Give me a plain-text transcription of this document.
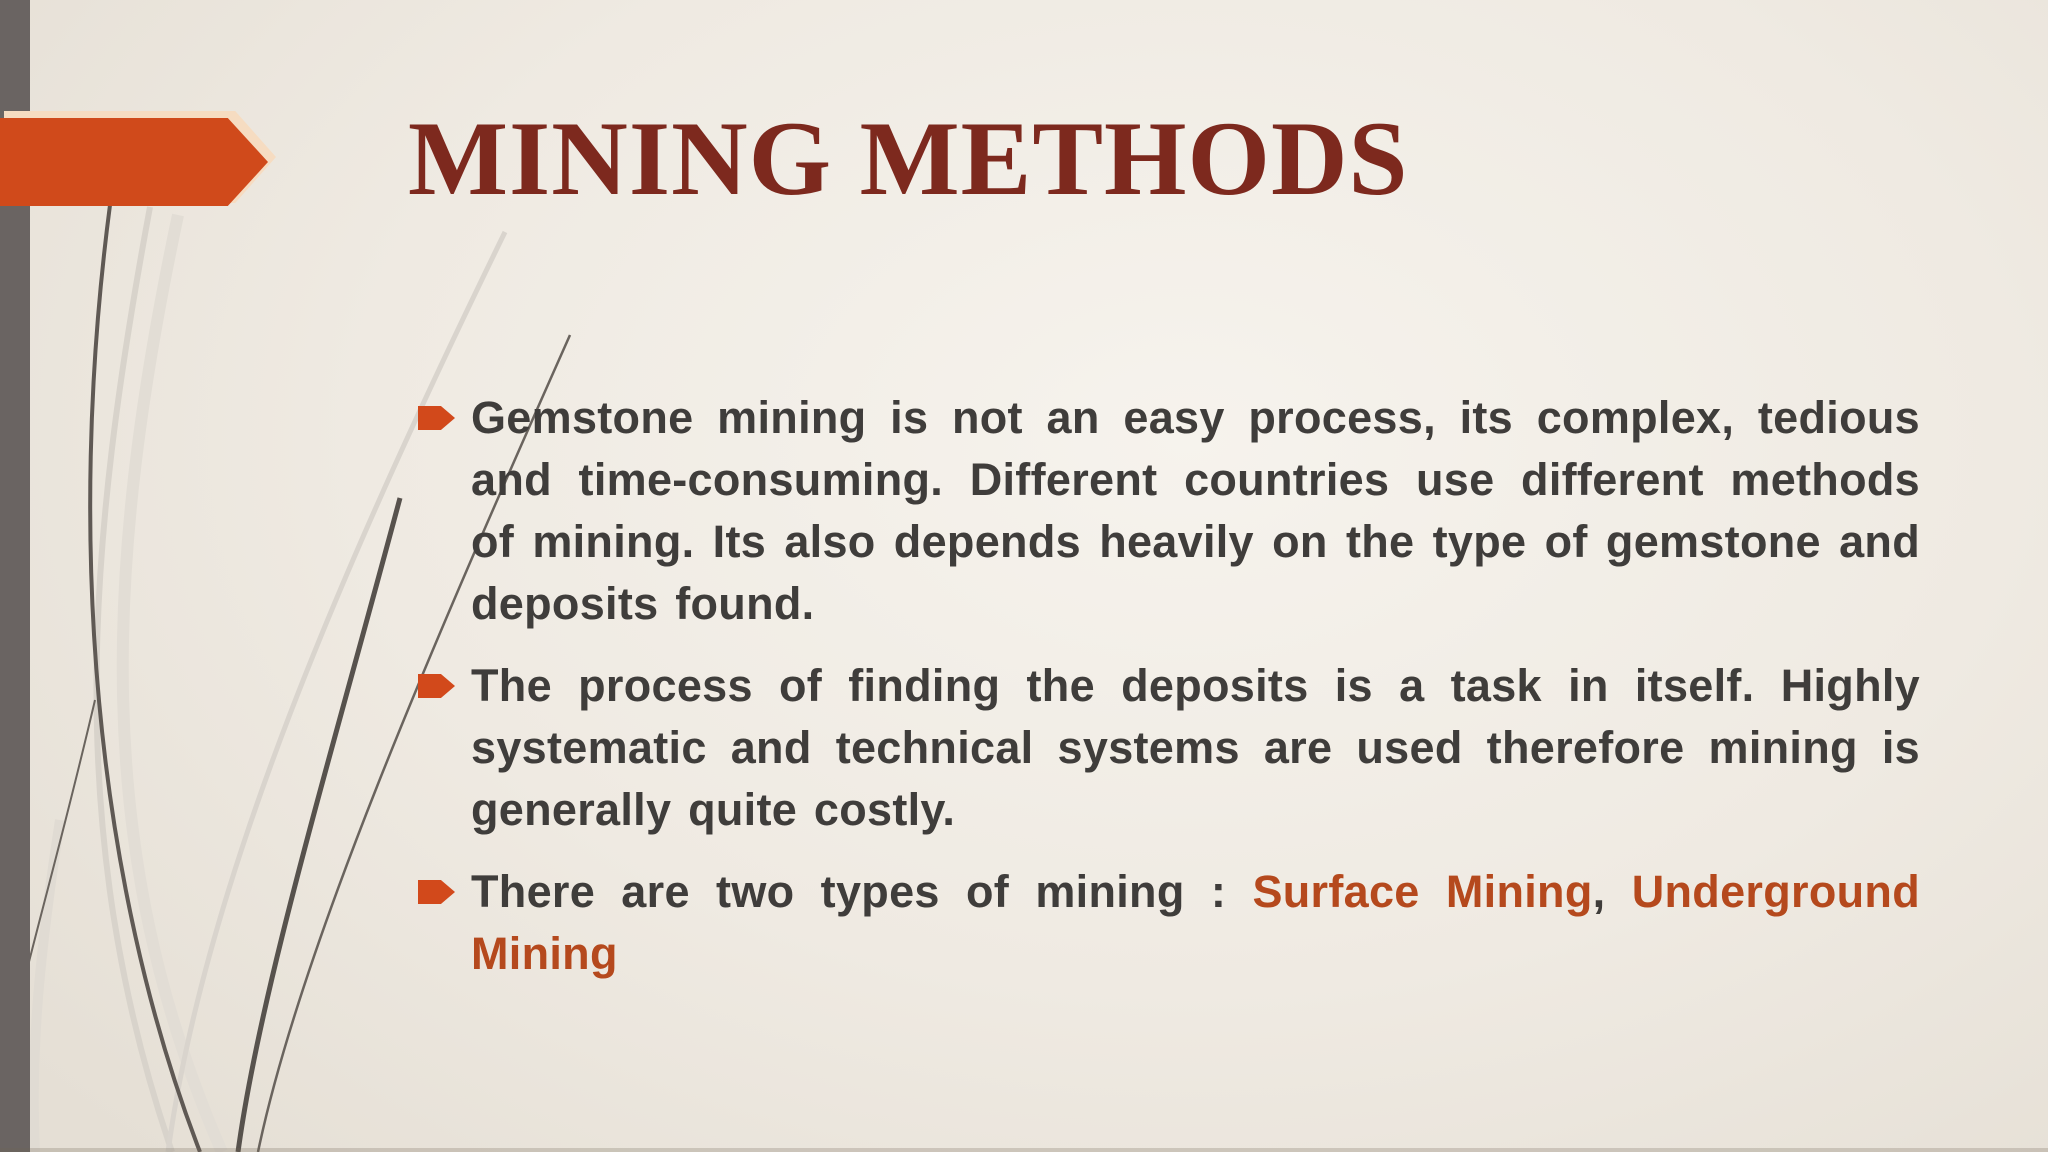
MINING METHODS

Gemstone mining is not an easy process, its complex, tedious and time-consuming. Different countries use different methods of mining. Its also depends heavily on the type of gemstone and deposits found.

The process of finding the deposits is a task in itself. Highly systematic and technical systems are used therefore mining is generally quite costly.

There are two types of mining : Surface Mining, Underground Mining
